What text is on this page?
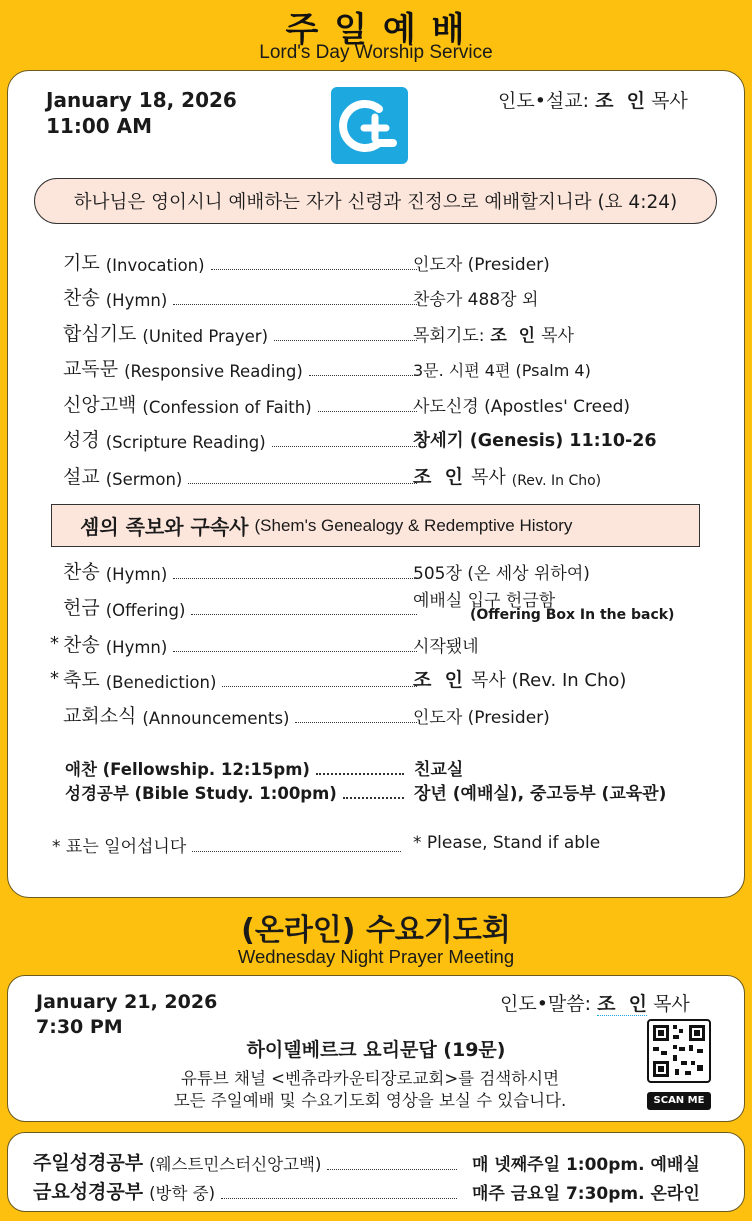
주 일 예 배
Lord's Day Worship Service
January 18, 2026
11:00 AM
인도•설교: 조  인 목사
하나님은 영이시니 예배하는 자가 신령과 진정으로 예배할지니라 (요 4:24)
기도 (Invocation)	인도자 (Presider)
찬송 (Hymn)	찬송가 488장 외
합심기도 (United Prayer)	목회기도: 조  인 목사
교독문 (Responsive Reading)	3문. 시편 4편 (Psalm 4)
신앙고백 (Confession of Faith)	사도신경 (Apostles' Creed)
성경 (Scripture Reading)	창세기 (Genesis) 11:10-26
설교 (Sermon)	조  인 목사 (Rev. In Cho)
셈의 족보와 구속사 (Shem's Genealogy & Redemptive History
찬송 (Hymn)	505장 (온 세상 위하여)
헌금 (Offering)	예배실 입구 헌금함
(Offering Box In the back)
* 찬송 (Hymn)	시작됐네
* 축도 (Benediction)	조  인 목사 (Rev. In Cho)
교회소식 (Announcements)	인도자 (Presider)
애찬 (Fellowship. 12:15pm)	친교실
성경공부 (Bible Study. 1:00pm)	장년 (예배실), 중고등부 (교육관)
* 표는 일어섭니다	* Please, Stand if able
(온라인) 수요기도회
Wednesday Night Prayer Meeting
January 21, 2026
7:30 PM
인도•말씀: 조  인 목사
하이델베르크 요리문답 (19문)
유튜브 채널 <벤츄라카운티장로교회>를 검색하시면
모든 주일예배 및 수요기도회 영상을 보실 수 있습니다.	SCAN ME
주일성경공부 (웨스트민스터신앙고백)	매 넷째주일 1:00pm. 예배실
금요성경공부 (방학 중)	매주 금요일 7:30pm. 온라인
